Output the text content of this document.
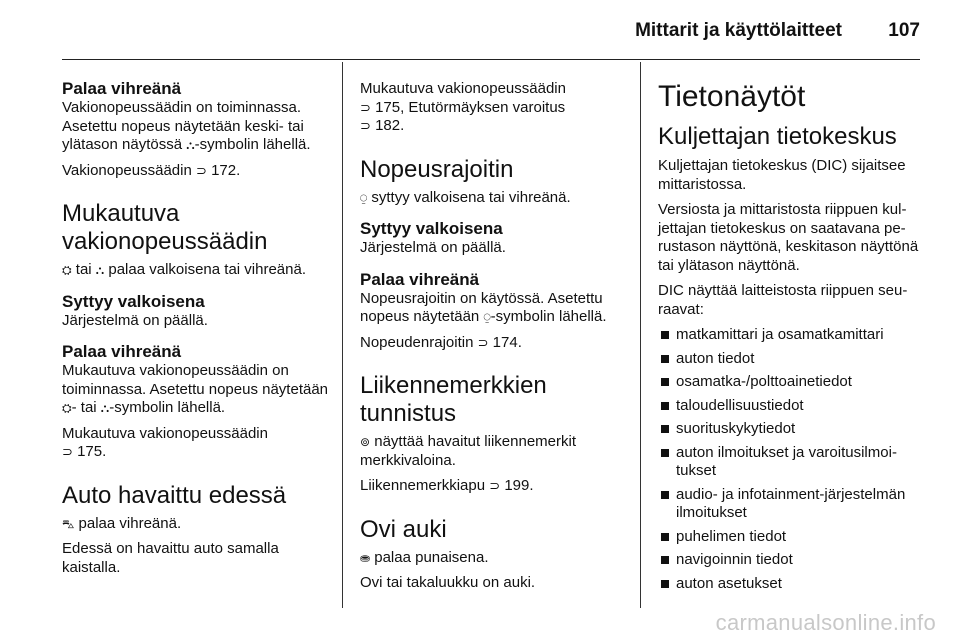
Mittarit ja käyttölaitteet 107
Palaa vihreänä

Vakionopeussäädin on toiminnassa. Asetettu nopeus näytetään keski- tai ylätason näytössä ⛬-symbolin lähellä.

Vakionopeussäädin ⊃ 172.

Mukautuva vakionopeussäädin

⛭ tai ⛬ palaa valkoisena tai vihreänä.

Syttyy valkoisena

Järjestelmä on päällä.

Palaa vihreänä

Mukautuva vakionopeussäädin on toiminnassa. Asetettu nopeus näytetään ⛭- tai ⛬-symbolin lähellä.

Mukautuva vakionopeussäädin
⊃ 175.

Auto havaittu edessä

⛍ palaa vihreänä.

Edessä on havaittu auto samalla kaistalla.

Mukautuva vakionopeussäädin
⊃ 175, Etutörmäyksen varoitus
⊃ 182.

Nopeusrajoitin

⍜ syttyy valkoisena tai vihreänä.

Syttyy valkoisena

Järjestelmä on päällä.

Palaa vihreänä

Nopeusrajoitin on käytössä. Asetettu nopeus näytetään ⍜-symbolin lähellä.

Nopeudenrajoitin ⊃ 174.

Liikennemerkkien tunnistus

⊚ näyttää havaitut liikennemerkit merkkivaloina.

Liikennemerkkiapu ⊃ 199.

Ovi auki

⛂ palaa punaisena.

Ovi tai takaluukku on auki.

Tietonäytöt
Kuljettajan tietokeskus

Kuljettajan tietokeskus (DIC) sijaitsee mittaristossa.

Versiosta ja mittaristosta riippuen kuljettajan tietokeskus on saatavana perustason näyttönä, keskitason näyttönä tai ylätason näyttönä.

DIC näyttää laitteistosta riippuen seuraavat:

matkamittari ja osamatkamittari
auton tiedot
osamatka-/polttoainetiedot
taloudellisuustiedot
suorituskykytiedot
auton ilmoitukset ja varoitusilmoitukset
audio- ja infotainment-järjestelmän ilmoitukset
puhelimen tiedot
navigoinnin tiedot
auton asetukset
carmanualsonline.info
